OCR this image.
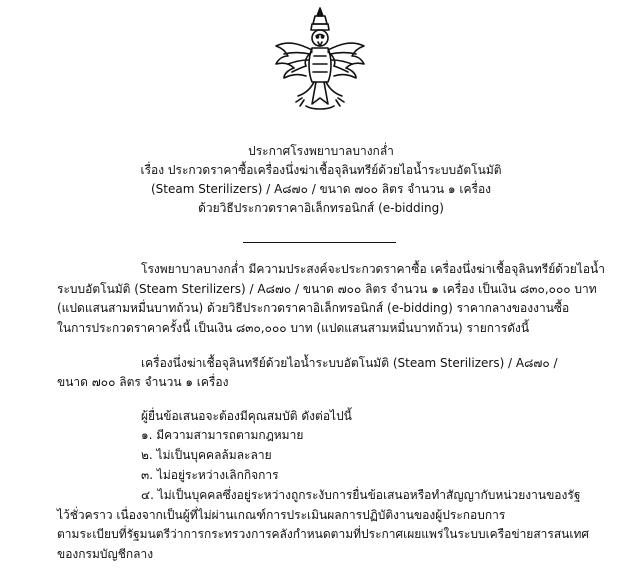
ประกาศโรงพยาบาลบางกล่ำ
เรื่อง ประกวดราคาซื้อเครื่องนึ่งฆ่าเชื้อจุลินทรีย์ด้วยไอน้ำระบบอัตโนมัติ
(Steam Sterilizers) / A๘๗๐ / ขนาด ๗๐๐ ลิตร จำนวน ๑ เครื่อง
ด้วยวิธีประกวดราคาอิเล็กทรอนิกส์ (e-bidding)
โรงพยาบาลบางกล่ำ มีความประสงค์จะประกวดราคาซื้อ เครื่องนึ่งฆ่าเชื้อจุลินทรีย์ด้วยไอน้ำ
ระบบอัตโนมัติ (Steam Sterilizers) / A๘๗๐ / ขนาด ๗๐๐ ลิตร จำนวน ๑ เครื่อง เป็นเงิน ๘๓๐,๐๐๐ บาท
(แปดแสนสามหมื่นบาทถ้วน) ด้วยวิธีประกวดราคาอิเล็กทรอนิกส์ (e-bidding) ราคากลางของงานซื้อ
ในการประกวดราคาครั้งนี้ เป็นเงิน ๘๓๐,๐๐๐ บาท (แปดแสนสามหมื่นบาทถ้วน) รายการดังนี้
เครื่องนึ่งฆ่าเชื้อจุลินทรีย์ด้วยไอน้ำระบบอัตโนมัติ (Steam Sterilizers) / A๘๗๐ /
ขนาด ๗๐๐ ลิตร จำนวน ๑ เครื่อง
ผู้ยื่นข้อเสนอจะต้องมีคุณสมบัติ ดังต่อไปนี้
๑. มีความสามารถตามกฎหมาย
๒. ไม่เป็นบุคคลล้มละลาย
๓. ไม่อยู่ระหว่างเลิกกิจการ
๔. ไม่เป็นบุคคลซึ่งอยู่ระหว่างถูกระงับการยื่นข้อเสนอหรือทำสัญญากับหน่วยงานของรัฐ
ไว้ชั่วคราว เนื่องจากเป็นผู้ที่ไม่ผ่านเกณฑ์การประเมินผลการปฏิบัติงานของผู้ประกอบการ
ตามระเบียบที่รัฐมนตรีว่าการกระทรวงการคลังกำหนดตามที่ประกาศเผยแพร่ในระบบเครือข่ายสารสนเทศ
ของกรมบัญชีกลาง
